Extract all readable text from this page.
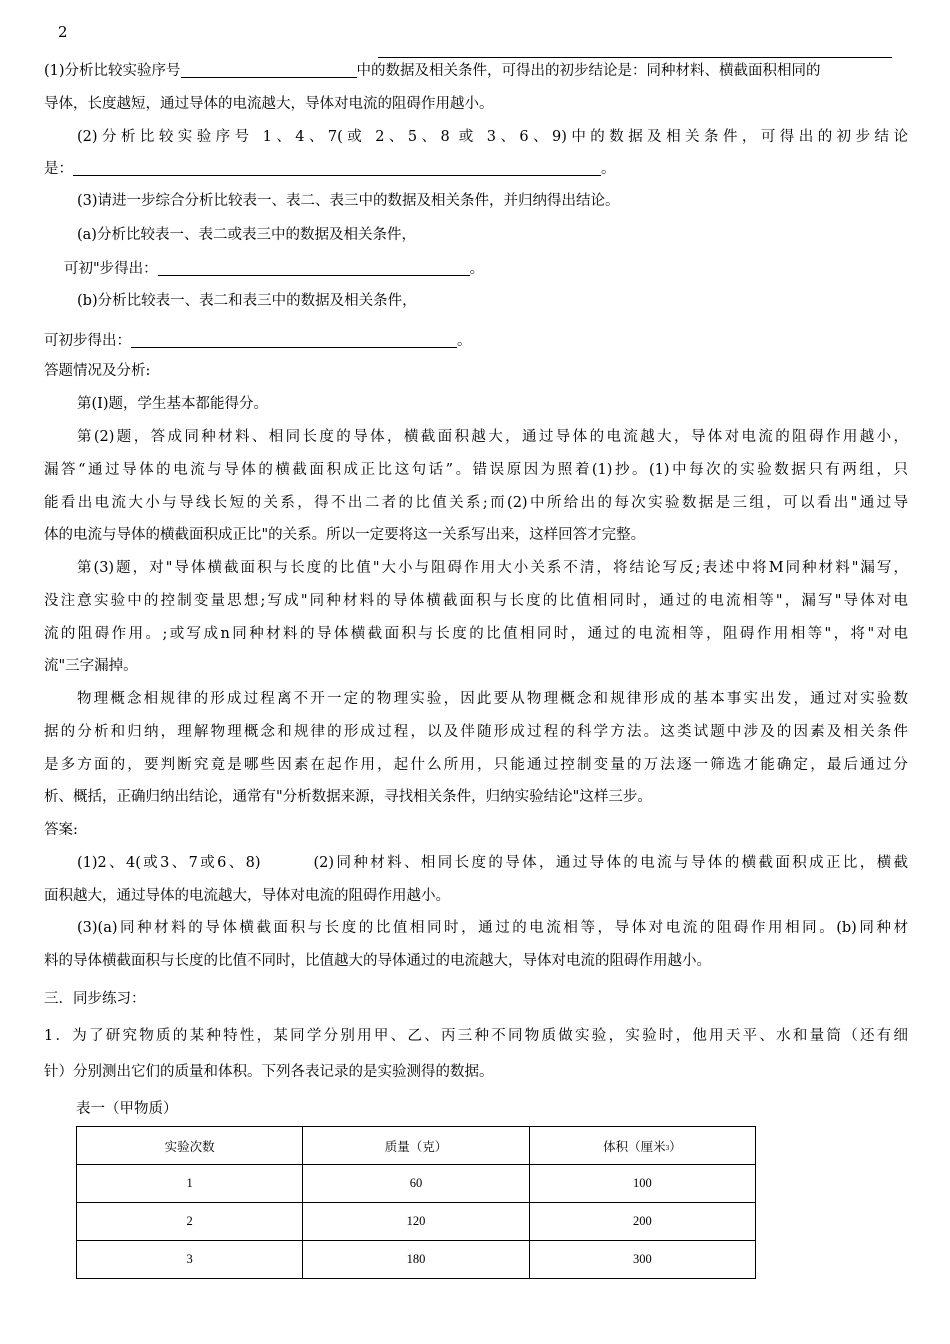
2
(1)分析比较实验序号	中的数据及相关条件，可得出的初步结论是：同种材料、横截面积相同的
导体，长度越短，通过导体的电流越大，导体对电流的阻碍作用越小。
(2)分析比较实验序号 1、4、7(或 2、5、8 或 3、6、9)中的数据及相关条件，可得出的初步结论
是：	。
(3)请进一步综合分析比较表一、表二、表三中的数据及相关条件，并归纳得出结论。
(a)分析比较表一、表二或表三中的数据及相关条件，
可初"步得出：	。
(b)分析比较表一、表二和表三中的数据及相关条件，
可初步得出：	。
答题情况及分析:
第(I)题，学生基本都能得分。
第(2)题，答成同种材料、相同长度的导体，横截面积越大，通过导体的电流越大，导体对电流的阻碍作用越小，
漏答“通过导体的电流与导体的横截面积成正比这句话”。错误原因为照着(1)抄。(1)中每次的实验数据只有两组，只
能看出电流大小与导线长短的关系，得不出二者的比值关系;而(2)中所给出的每次实验数据是三组，可以看出"通过导
体的电流与导体的横截面积成正比"的关系。所以一定要将这一关系写出来，这样回答才完整。
第(3)题，对"导体横截面积与长度的比值"大小与阻碍作用大小关系不清，将结论写反;表述中将M同种材料"漏写，
没注意实验中的控制变量思想;写成"同种材料的导体横截面积与长度的比值相同时，通过的电流相等"，漏写"导体对电
流的阻碍作用。;或写成n同种材料的导体横截面积与长度的比值相同时，通过的电流相等，阻碍作用相等"，将"对电
流"三字漏掉。
物理概念相规律的形成过程离不开一定的物理实验，因此要从物理概念和规律形成的基本事实出发，通过对实验数
据的分析和归纳，理解物理概念和规律的形成过程，以及伴随形成过程的科学方法。这类试题中涉及的因素及相关条件
是多方面的，要判断究竟是哪些因素在起作用，起什么所用，只能通过控制变量的万法逐一筛选才能确定，最后通过分
析、概括，正确归纳出结论，通常有"分析数据来源，寻找相关条件，归纳实验结论"这样三步。
答案:
(1)2、4(或3、7或6、8)　　　(2)同种材料、相同长度的导体，通过导体的电流与导体的横截面积成正比，横截
面积越大，通过导体的电流越大，导体对电流的阻碍作用越小。
(3)(a)同种材料的导体横截面积与长度的比值相同时，通过的电流相等，导体对电流的阻碍作用相同。(b)同种材
料的导体横截面积与长度的比值不同时，比值越大的导体通过的电流越大，导体对电流的阻碍作用越小。
三．同步练习：
1．为了研究物质的某种特性，某同学分别用甲、乙、丙三种不同物质做实验，实验时，他用天平、水和量筒（还有细
针）分别测出它们的质量和体积。下列各表记录的是实验测得的数据。
表一（甲物质）
实验次数	质量（克）	体积（厘米$^3$）
1	60	100
2	120	200
3	180	300
